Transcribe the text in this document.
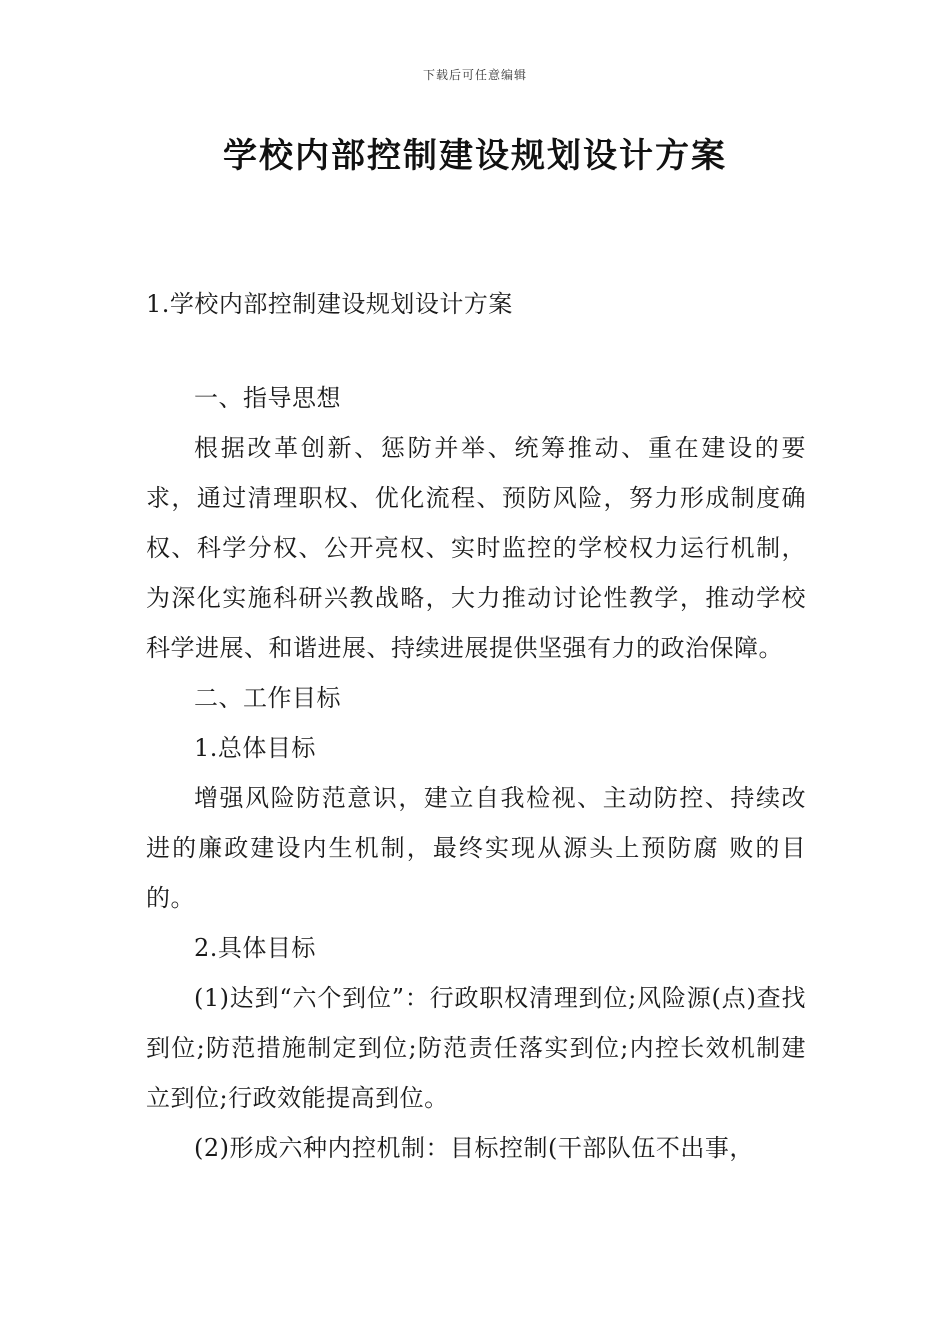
下载后可任意编辑
学校内部控制建设规划设计方案
1.学校内部控制建设规划设计方案

一、指导思想

根据改革创新、惩防并举、统筹推动、重在建设的要求，通过清理职权、优化流程、预防风险，努力形成制度确权、科学分权、公开亮权、实时监控的学校权力运行机制，为深化实施科研兴教战略，大力推动讨论性教学，推动学校科学进展、和谐进展、持续进展提供坚强有力的政治保障。

二、工作目标

1.总体目标

增强风险防范意识，建立自我检视、主动防控、持续改进的廉政建设内生机制，最终实现从源头上预防腐 败的目的。

2.具体目标

(1)达到“六个到位”：行政职权清理到位;风险源(点)查找到位;防范措施制定到位;防范责任落实到位;内控长效机制建立到位;行政效能提高到位。

(2)形成六种内控机制：目标控制(干部队伍不出事，
